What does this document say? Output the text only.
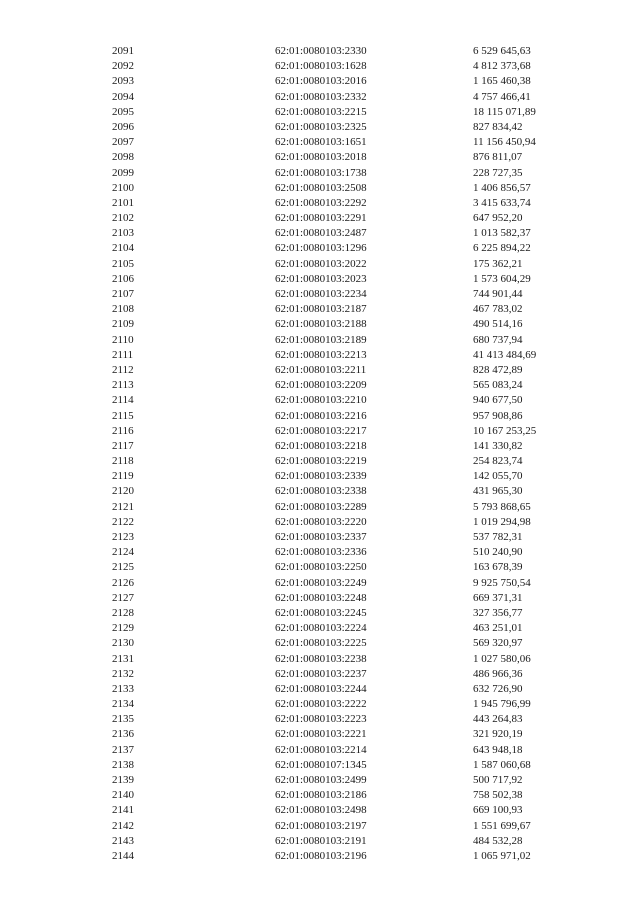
2091	62:01:0080103:2330	6 529 645,63
2092	62:01:0080103:1628	4 812 373,68
2093	62:01:0080103:2016	1 165 460,38
2094	62:01:0080103:2332	4 757 466,41
2095	62:01:0080103:2215	18 115 071,89
2096	62:01:0080103:2325	827 834,42
2097	62:01:0080103:1651	11 156 450,94
2098	62:01:0080103:2018	876 811,07
2099	62:01:0080103:1738	228 727,35
2100	62:01:0080103:2508	1 406 856,57
2101	62:01:0080103:2292	3 415 633,74
2102	62:01:0080103:2291	647 952,20
2103	62:01:0080103:2487	1 013 582,37
2104	62:01:0080103:1296	6 225 894,22
2105	62:01:0080103:2022	175 362,21
2106	62:01:0080103:2023	1 573 604,29
2107	62:01:0080103:2234	744 901,44
2108	62:01:0080103:2187	467 783,02
2109	62:01:0080103:2188	490 514,16
2110	62:01:0080103:2189	680 737,94
2111	62:01:0080103:2213	41 413 484,69
2112	62:01:0080103:2211	828 472,89
2113	62:01:0080103:2209	565 083,24
2114	62:01:0080103:2210	940 677,50
2115	62:01:0080103:2216	957 908,86
2116	62:01:0080103:2217	10 167 253,25
2117	62:01:0080103:2218	141 330,82
2118	62:01:0080103:2219	254 823,74
2119	62:01:0080103:2339	142 055,70
2120	62:01:0080103:2338	431 965,30
2121	62:01:0080103:2289	5 793 868,65
2122	62:01:0080103:2220	1 019 294,98
2123	62:01:0080103:2337	537 782,31
2124	62:01:0080103:2336	510 240,90
2125	62:01:0080103:2250	163 678,39
2126	62:01:0080103:2249	9 925 750,54
2127	62:01:0080103:2248	669 371,31
2128	62:01:0080103:2245	327 356,77
2129	62:01:0080103:2224	463 251,01
2130	62:01:0080103:2225	569 320,97
2131	62:01:0080103:2238	1 027 580,06
2132	62:01:0080103:2237	486 966,36
2133	62:01:0080103:2244	632 726,90
2134	62:01:0080103:2222	1 945 796,99
2135	62:01:0080103:2223	443 264,83
2136	62:01:0080103:2221	321 920,19
2137	62:01:0080103:2214	643 948,18
2138	62:01:0080107:1345	1 587 060,68
2139	62:01:0080103:2499	500 717,92
2140	62:01:0080103:2186	758 502,38
2141	62:01:0080103:2498	669 100,93
2142	62:01:0080103:2197	1 551 699,67
2143	62:01:0080103:2191	484 532,28
2144	62:01:0080103:2196	1 065 971,02
